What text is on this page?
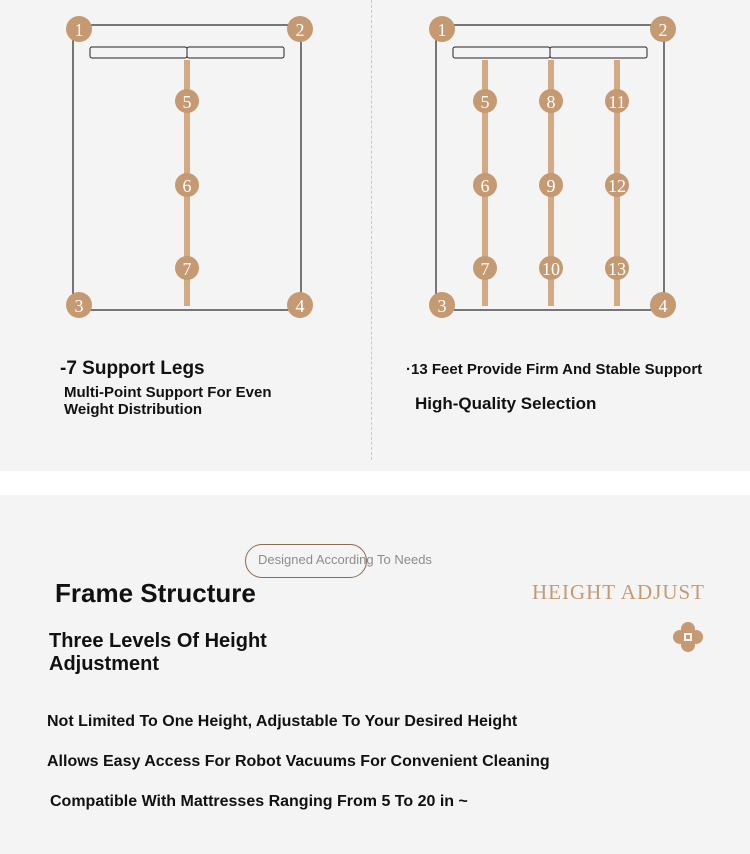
1	2
3	4
5
6
7
1	2
3	4
5
6
7
8
9
10
11
12
13
-7 Support Legs
Multi-Point Support For Even Weight Distribution
·13 Feet Provide Firm And Stable Support
High-Quality Selection
Designed According To Needs
Frame Structure
Three Levels Of Height Adjustment
HEIGHT ADJUST
Not Limited To One Height, Adjustable To Your Desired Height
Allows Easy Access For Robot Vacuums For Convenient Cleaning
Compatible With Mattresses Ranging From 5 To 20 in ~
